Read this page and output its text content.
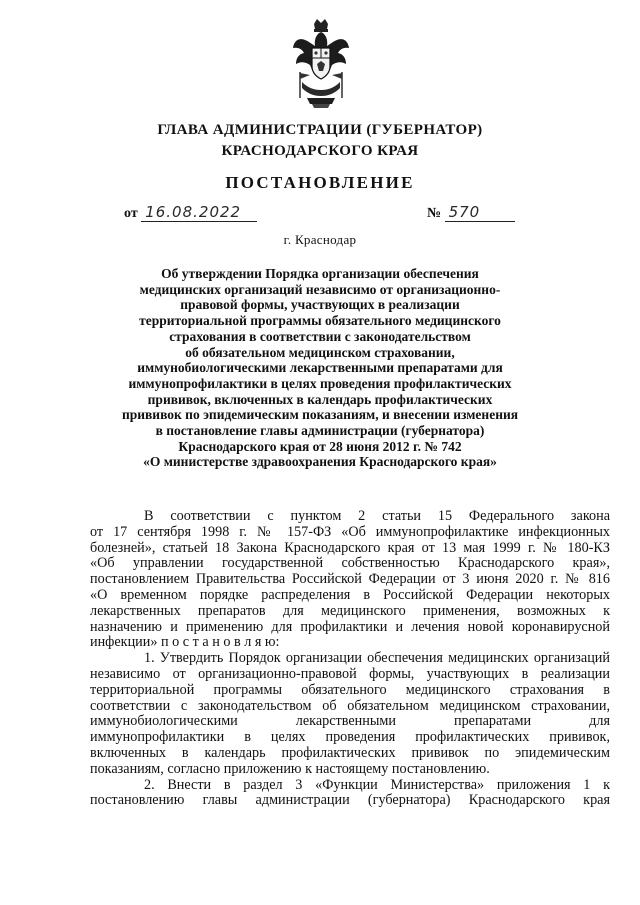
ГЛАВА АДМИНИСТРАЦИИ (ГУБЕРНАТОР)
КРАСНОДАРСКОГО КРАЯ
ПОСТАНОВЛЕНИЕ
от 16.08.2022	№ 570
г. Краснодар
Об утверждении Порядка организации обеспечения
медицинских организаций независимо от организационно-
правовой формы, участвующих в реализации
территориальной программы обязательного медицинского
страхования в соответствии с законодательством
об обязательном медицинском страховании,
иммунобиологическими лекарственными препаратами для
иммунопрофилактики в целях проведения профилактических
прививок, включенных в календарь профилактических
прививок по эпидемическим показаниям, и внесении изменения
в постановление главы администрации (губернатора)
Краснодарского края от 28 июня 2012 г. № 742
«О министерстве здравоохранения Краснодарского края»
В соответствии с пунктом 2 статьи 15 Федерального закона
от 17 сентября 1998 г. № 157-ФЗ «Об иммунопрофилактике инфекционных
болезней», статьей 18 Закона Краснодарского края от 13 мая 1999 г. № 180-КЗ
«Об управлении государственной собственностью Краснодарского края»,
постановлением Правительства Российской Федерации от 3 июня 2020 г. № 816
«О временном порядке распределения в Российской Федерации некоторых
лекарственных препаратов для медицинского применения, возможных к
назначению и применению для профилактики и лечения новой коронавирусной
инфекции» п о с т а н о в л я ю:
1. Утвердить Порядок организации обеспечения медицинских организаций
независимо от организационно-правовой формы, участвующих в реализации
территориальной программы обязательного медицинского страхования в
соответствии с законодательством об обязательном медицинском страховании,
иммунобиологическими лекарственными препаратами для
иммунопрофилактики в целях проведения профилактических прививок,
включенных в календарь профилактических прививок по эпидемическим
показаниям, согласно приложению к настоящему постановлению.
2. Внести в раздел 3 «Функции Министерства» приложения 1 к
постановлению главы администрации (губернатора) Краснодарского края
